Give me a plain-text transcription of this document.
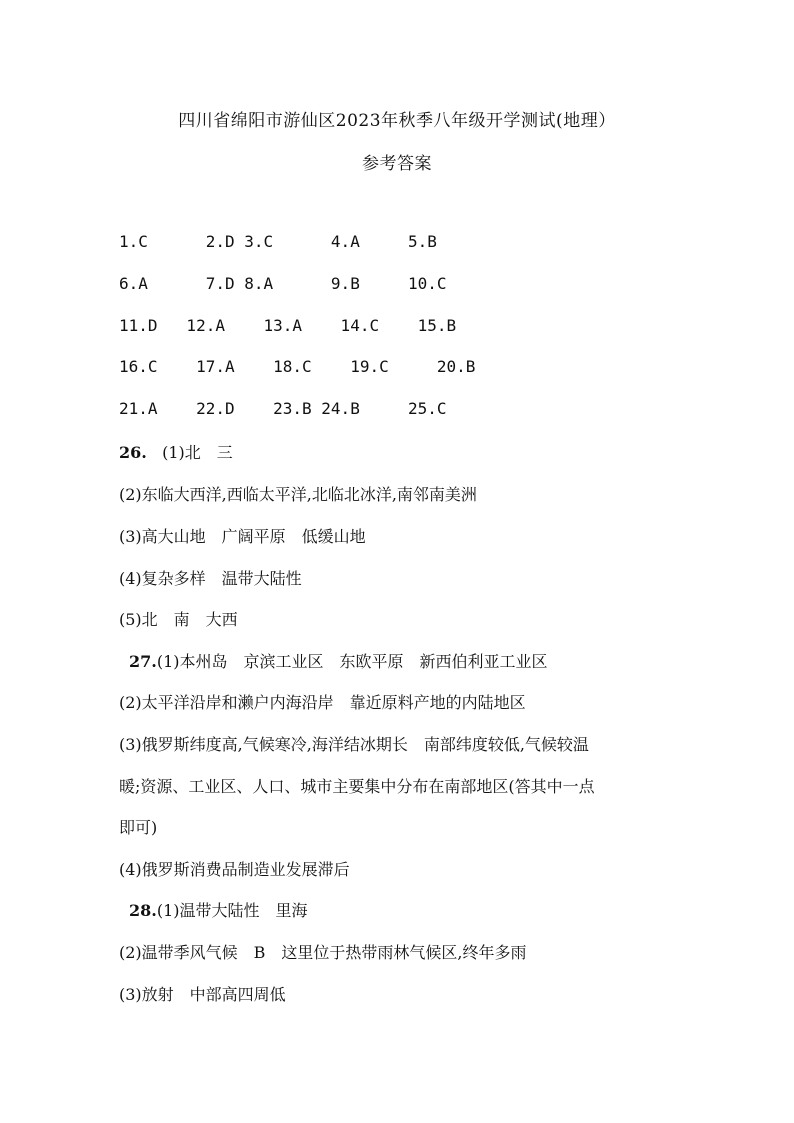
四川省绵阳市游仙区2023年秋季八年级开学测试(地理）
参考答案
1.C      2.D 3.C      4.A     5.B
6.A      7.D 8.A      9.B     10.C
11.D   12.A    13.A    14.C    15.B
16.C    17.A    18.C    19.C     20.B
21.A    22.D    23.B 24.B     25.C
26. (1)北　三
(2)东临大西洋,西临太平洋,北临北冰洋,南邻南美洲
(3)高大山地　广阔平原　低缓山地
(4)复杂多样　温带大陆性
(5)北　南　大西
27.(1)本州岛　京滨工业区　东欧平原　新西伯利亚工业区
(2)太平洋沿岸和濑户内海沿岸　靠近原料产地的内陆地区
(3)俄罗斯纬度高,气候寒冷,海洋结冰期长　南部纬度较低,气候较温
暖;资源、工业区、人口、城市主要集中分布在南部地区(答其中一点
即可)
(4)俄罗斯消费品制造业发展滞后
28.(1)温带大陆性　里海
(2)温带季风气候　B　这里位于热带雨林气候区,终年多雨
(3)放射　中部高四周低
